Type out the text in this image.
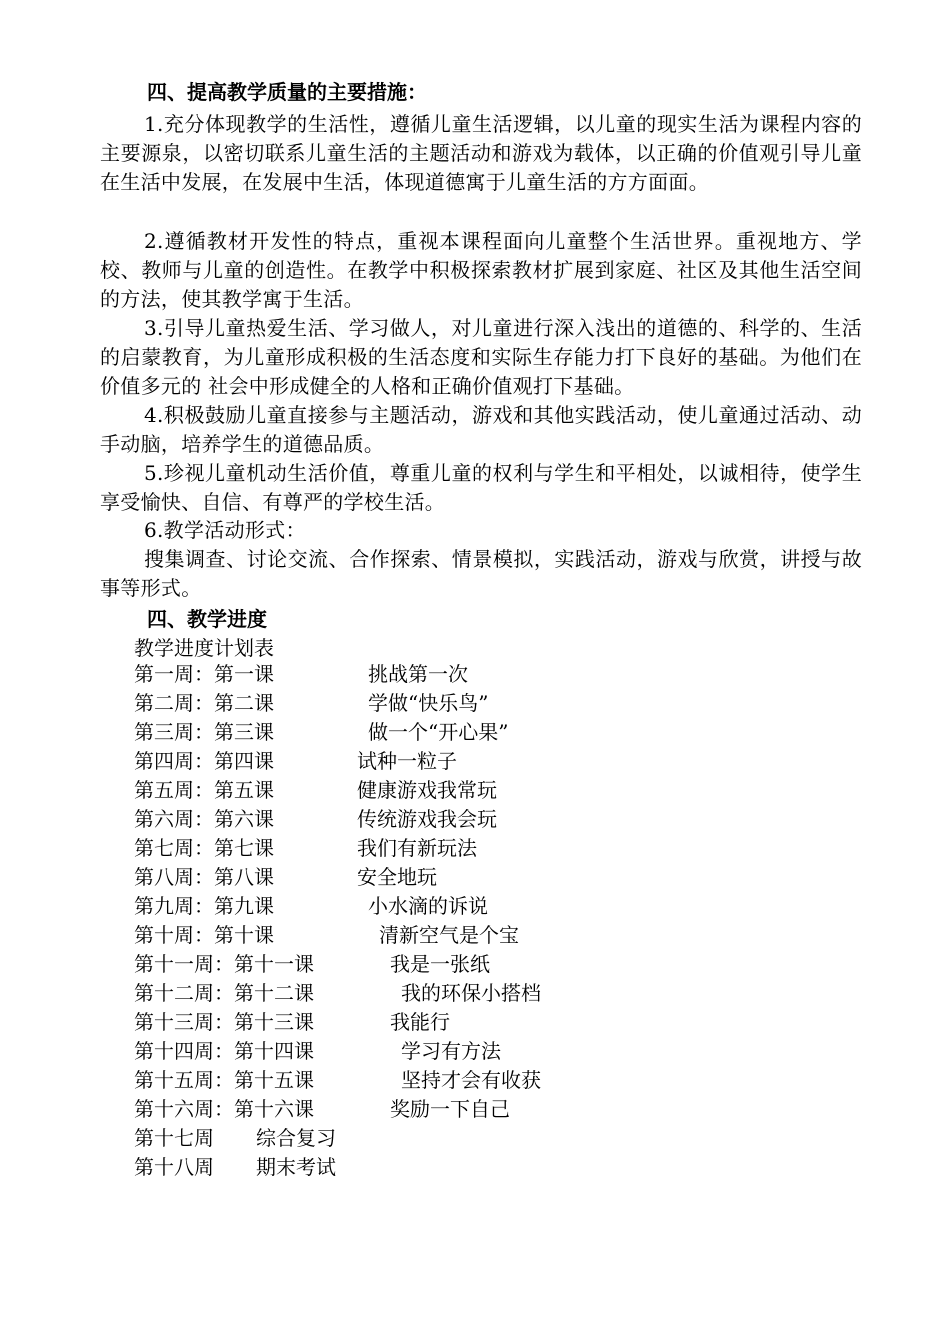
四、提高教学质量的主要措施：
1.充分体现教学的生活性，遵循儿童生活逻辑，以儿童的现实生活为课程内容的主要源泉，以密切联系儿童生活的主题活动和游戏为载体，以正确的价值观引导儿童在生活中发展，在发展中生活，体现道德寓于儿童生活的方方面面。
2.遵循教材开发性的特点，重视本课程面向儿童整个生活世界。重视地方、学校、教师与儿童的创造性。在教学中积极探索教材扩展到家庭、社区及其他生活空间的方法，使其教学寓于生活。
3.引导儿童热爱生活、学习做人，对儿童进行深入浅出的道德的、科学的、生活的启蒙教育，为儿童形成积极的生活态度和实际生存能力打下良好的基础。为他们在价值多元的 社会中形成健全的人格和正确价值观打下基础。
4.积极鼓励儿童直接参与主题活动，游戏和其他实践活动，使儿童通过活动、动手动脑，培养学生的道德品质。
5.珍视儿童机动生活价值，尊重儿童的权利与学生和平相处，以诚相待，使学生享受愉快、自信、有尊严的学校生活。
6.教学活动形式：
搜集调查、讨论交流、合作探索、情景模拟，实践活动，游戏与欣赏，讲授与故事等形式。
四、教学进度
教学进度计划表
第一周：第一课	挑战第一次
第二周：第二课	学做“快乐鸟”
第三周：第三课	做一个“开心果”
第四周：第四课	试种一粒子
第五周：第五课	健康游戏我常玩
第六周：第六课	传统游戏我会玩
第七周：第七课	我们有新玩法
第八周：第八课	安全地玩
第九周：第九课	小水滴的诉说
第十周：第十课	清新空气是个宝
第十一周：第十一课	我是一张纸
第十二周：第十二课	我的环保小搭档
第十三周：第十三课	我能行
第十四周：第十四课	学习有方法
第十五周：第十五课	坚持才会有收获
第十六周：第十六课	奖励一下自己
第十七周 综合复习
第十八周 期末考试
